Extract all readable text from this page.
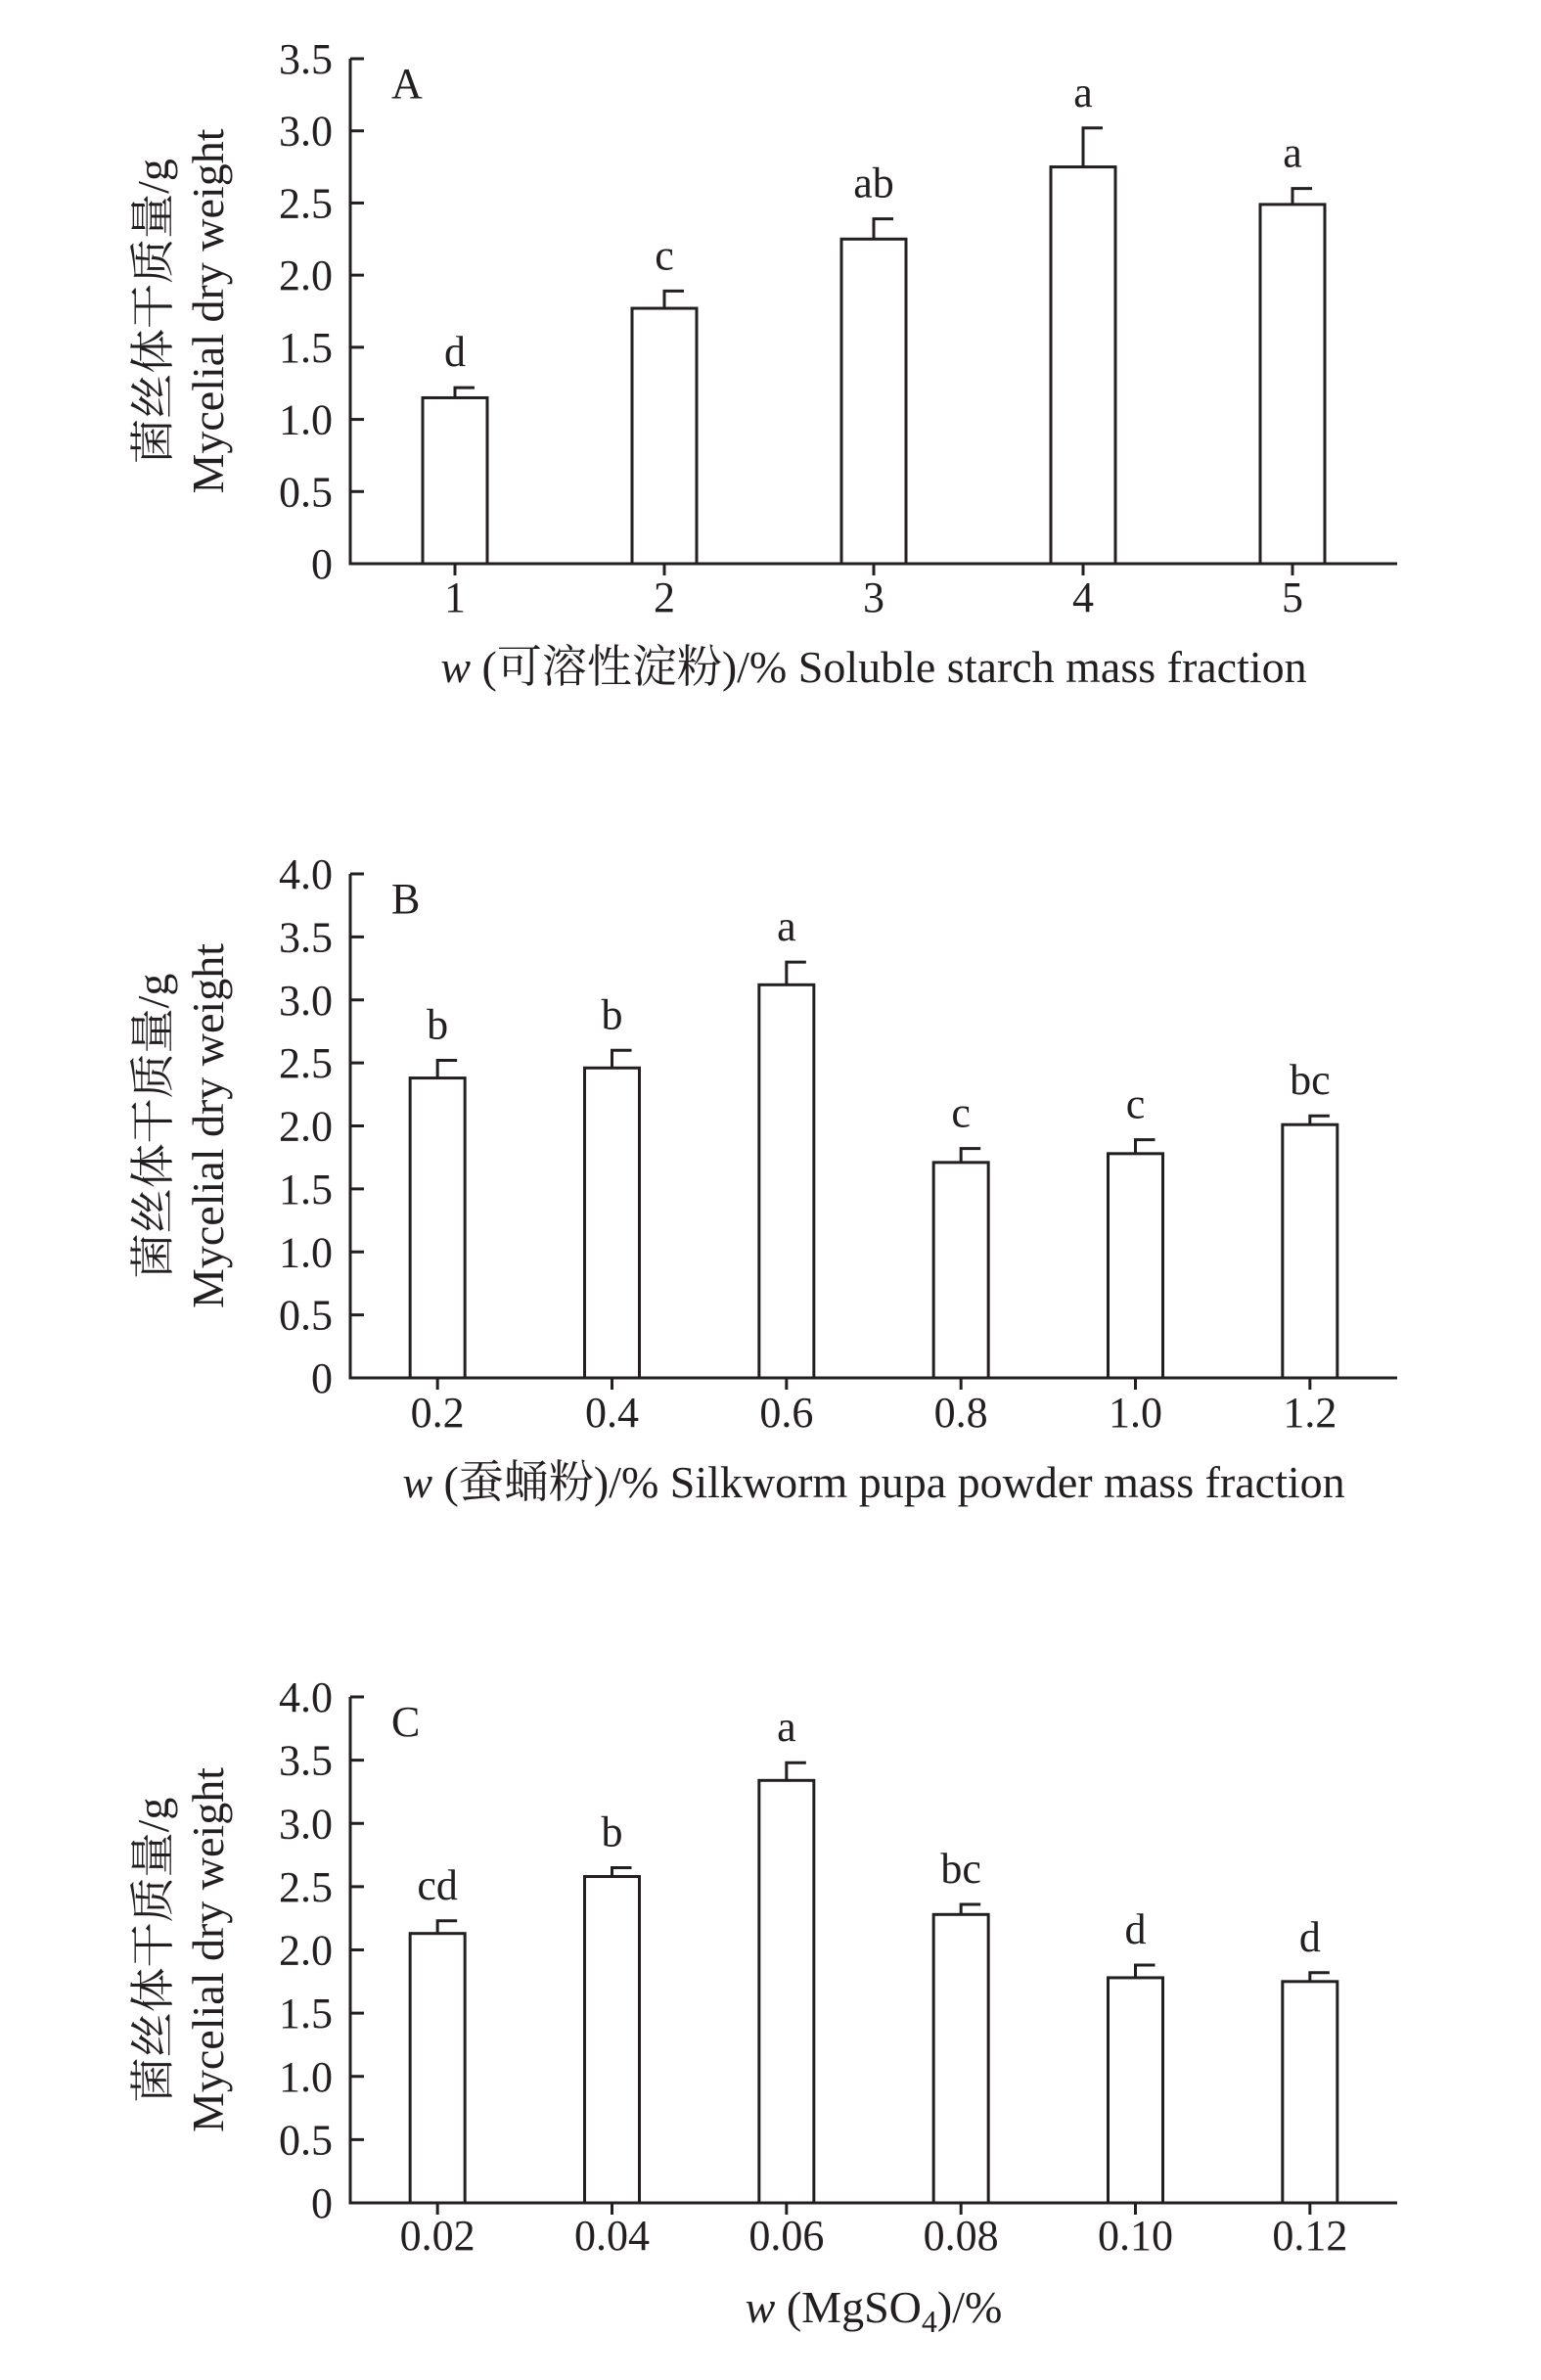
0
0.5
1.0
1.5
2.0
2.5
3.0
3.5
1
d
2
c
3
ab
4
a
5
a
A
菌丝体干质量/g Mycelial dry weight
w (可溶性淀粉)/% Soluble starch mass fraction
0
0.5
1.0
1.5
2.0
2.5
3.0
3.5
4.0
0.2
b
0.4
b
0.6
a
0.8
c
1.0
c
1.2
bc
B
菌丝体干质量/g Mycelial dry weight
w (蚕蛹粉)/% Silkworm pupa powder mass fraction
0
0.5
1.0
1.5
2.0
2.5
3.0
3.5
4.0
0.02
cd
0.04
b
0.06
a
0.08
bc
0.10
d
0.12
d
C
菌丝体干质量/g Mycelial dry weight
w (MgSO$_4$)/%
